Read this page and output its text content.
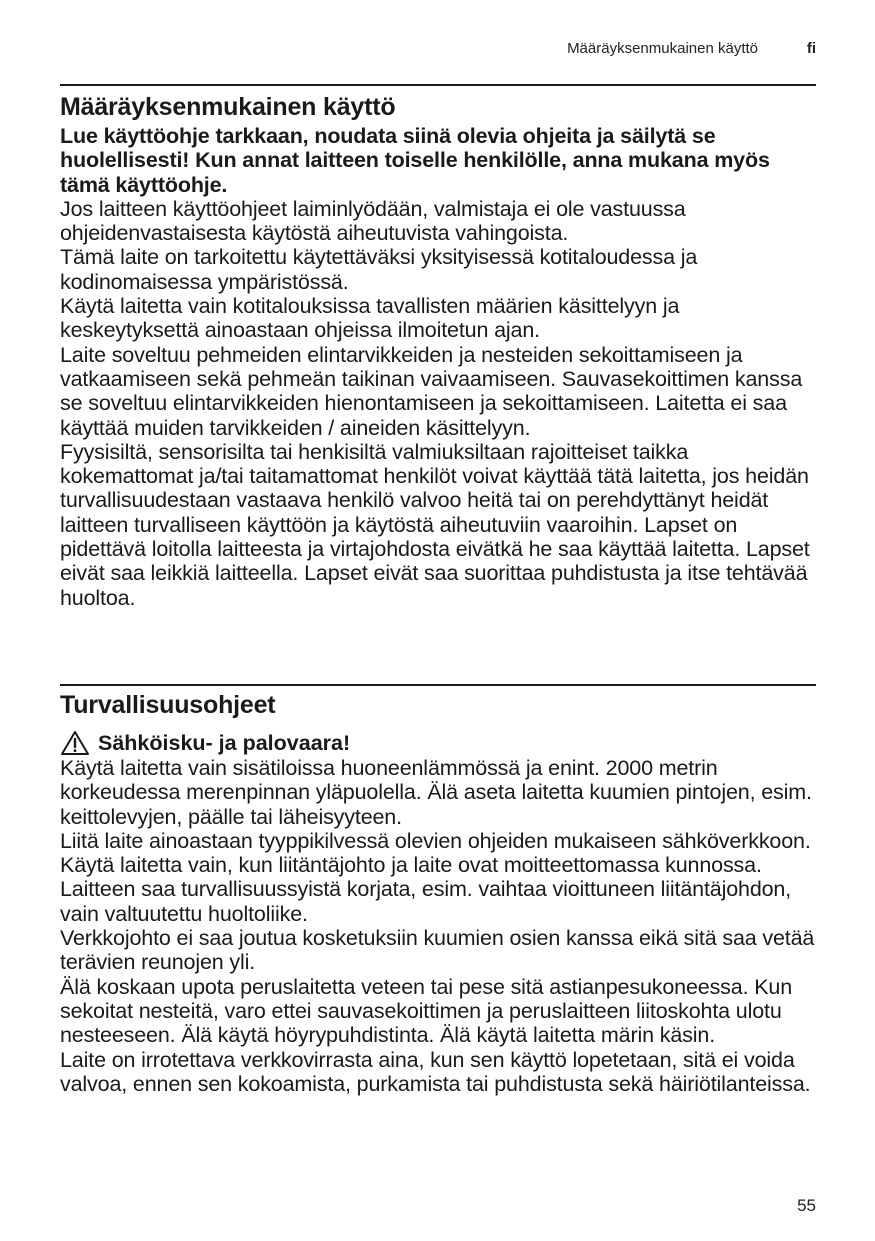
Määräyksenmukainen käyttö	fi
Määräyksenmukainen käyttö

Lue käyttöohje tarkkaan, noudata siinä olevia ohjeita ja säilytä se huolellisesti! Kun annat laitteen toiselle henkilölle, anna mukana myös tämä käyttöohje.

Jos laitteen käyttöohjeet laiminlyödään, valmistaja ei ole vastuussa ohjeidenvastaisesta käytöstä aiheutuvista vahingoista.

Tämä laite on tarkoitettu käytettäväksi yksityisessä kotitaloudessa ja kodinomaisessa ympäristössä.

Käytä laitetta vain kotitalouksissa tavallisten määrien käsittelyyn ja keskeytyksettä ainoastaan ohjeissa ilmoitetun ajan.

Laite soveltuu pehmeiden elintarvikkeiden ja nesteiden sekoittamiseen ja vatkaamiseen sekä pehmeän taikinan vaivaamiseen. Sauvasekoittimen kanssa se soveltuu elintarvikkeiden hienontamiseen ja sekoittamiseen. Laitetta ei saa käyttää muiden tarvikkeiden / aineiden käsittelyyn.

Fyysisiltä, sensorisilta tai henkisiltä valmiuksiltaan rajoitteiset taikka kokemattomat ja/tai taitamattomat henkilöt voivat käyttää tätä laitetta, jos heidän turvallisuudestaan vastaava henkilö valvoo heitä tai on perehdyttänyt heidät laitteen turvalliseen käyttöön ja käytöstä aiheutuviin vaaroihin. Lapset on pidettävä loitolla laitteesta ja virtajohdosta eivätkä he saa käyttää laitetta. Lapset eivät saa leikkiä laitteella. Lapset eivät saa suorittaa puhdistusta ja itse tehtävää huoltoa.

Turvallisuusohjeet
Sähköisku- ja palovaara!

Käytä laitetta vain sisätiloissa huoneenlämmössä ja enint. 2000 metrin korkeudessa merenpinnan yläpuolella. Älä aseta laitetta kuumien pintojen, esim. keittolevyjen, päälle tai läheisyyteen.

Liitä laite ainoastaan tyyppikilvessä olevien ohjeiden mukaiseen sähköverkkoon. Käytä laitetta vain, kun liitäntäjohto ja laite ovat moitteettomassa kunnossa. Laitteen saa turvallisuussyistä korjata, esim. vaihtaa vioittuneen liitäntäjohdon, vain valtuutettu huoltoliike.

Verkkojohto ei saa joutua kosketuksiin kuumien osien kanssa eikä sitä saa vetää terävien reunojen yli.

Älä koskaan upota peruslaitetta veteen tai pese sitä astianpesukoneessa. Kun sekoitat nesteitä, varo ettei sauvasekoittimen ja peruslaitteen liitoskohta ulotu nesteeseen. Älä käytä höyrypuhdistinta. Älä käytä laitetta märin käsin.

Laite on irrotettava verkkovirrasta aina, kun sen käyttö lopetetaan, sitä ei voida valvoa, ennen sen kokoamista, purkamista tai puhdistusta sekä häiriötilanteissa.

55
